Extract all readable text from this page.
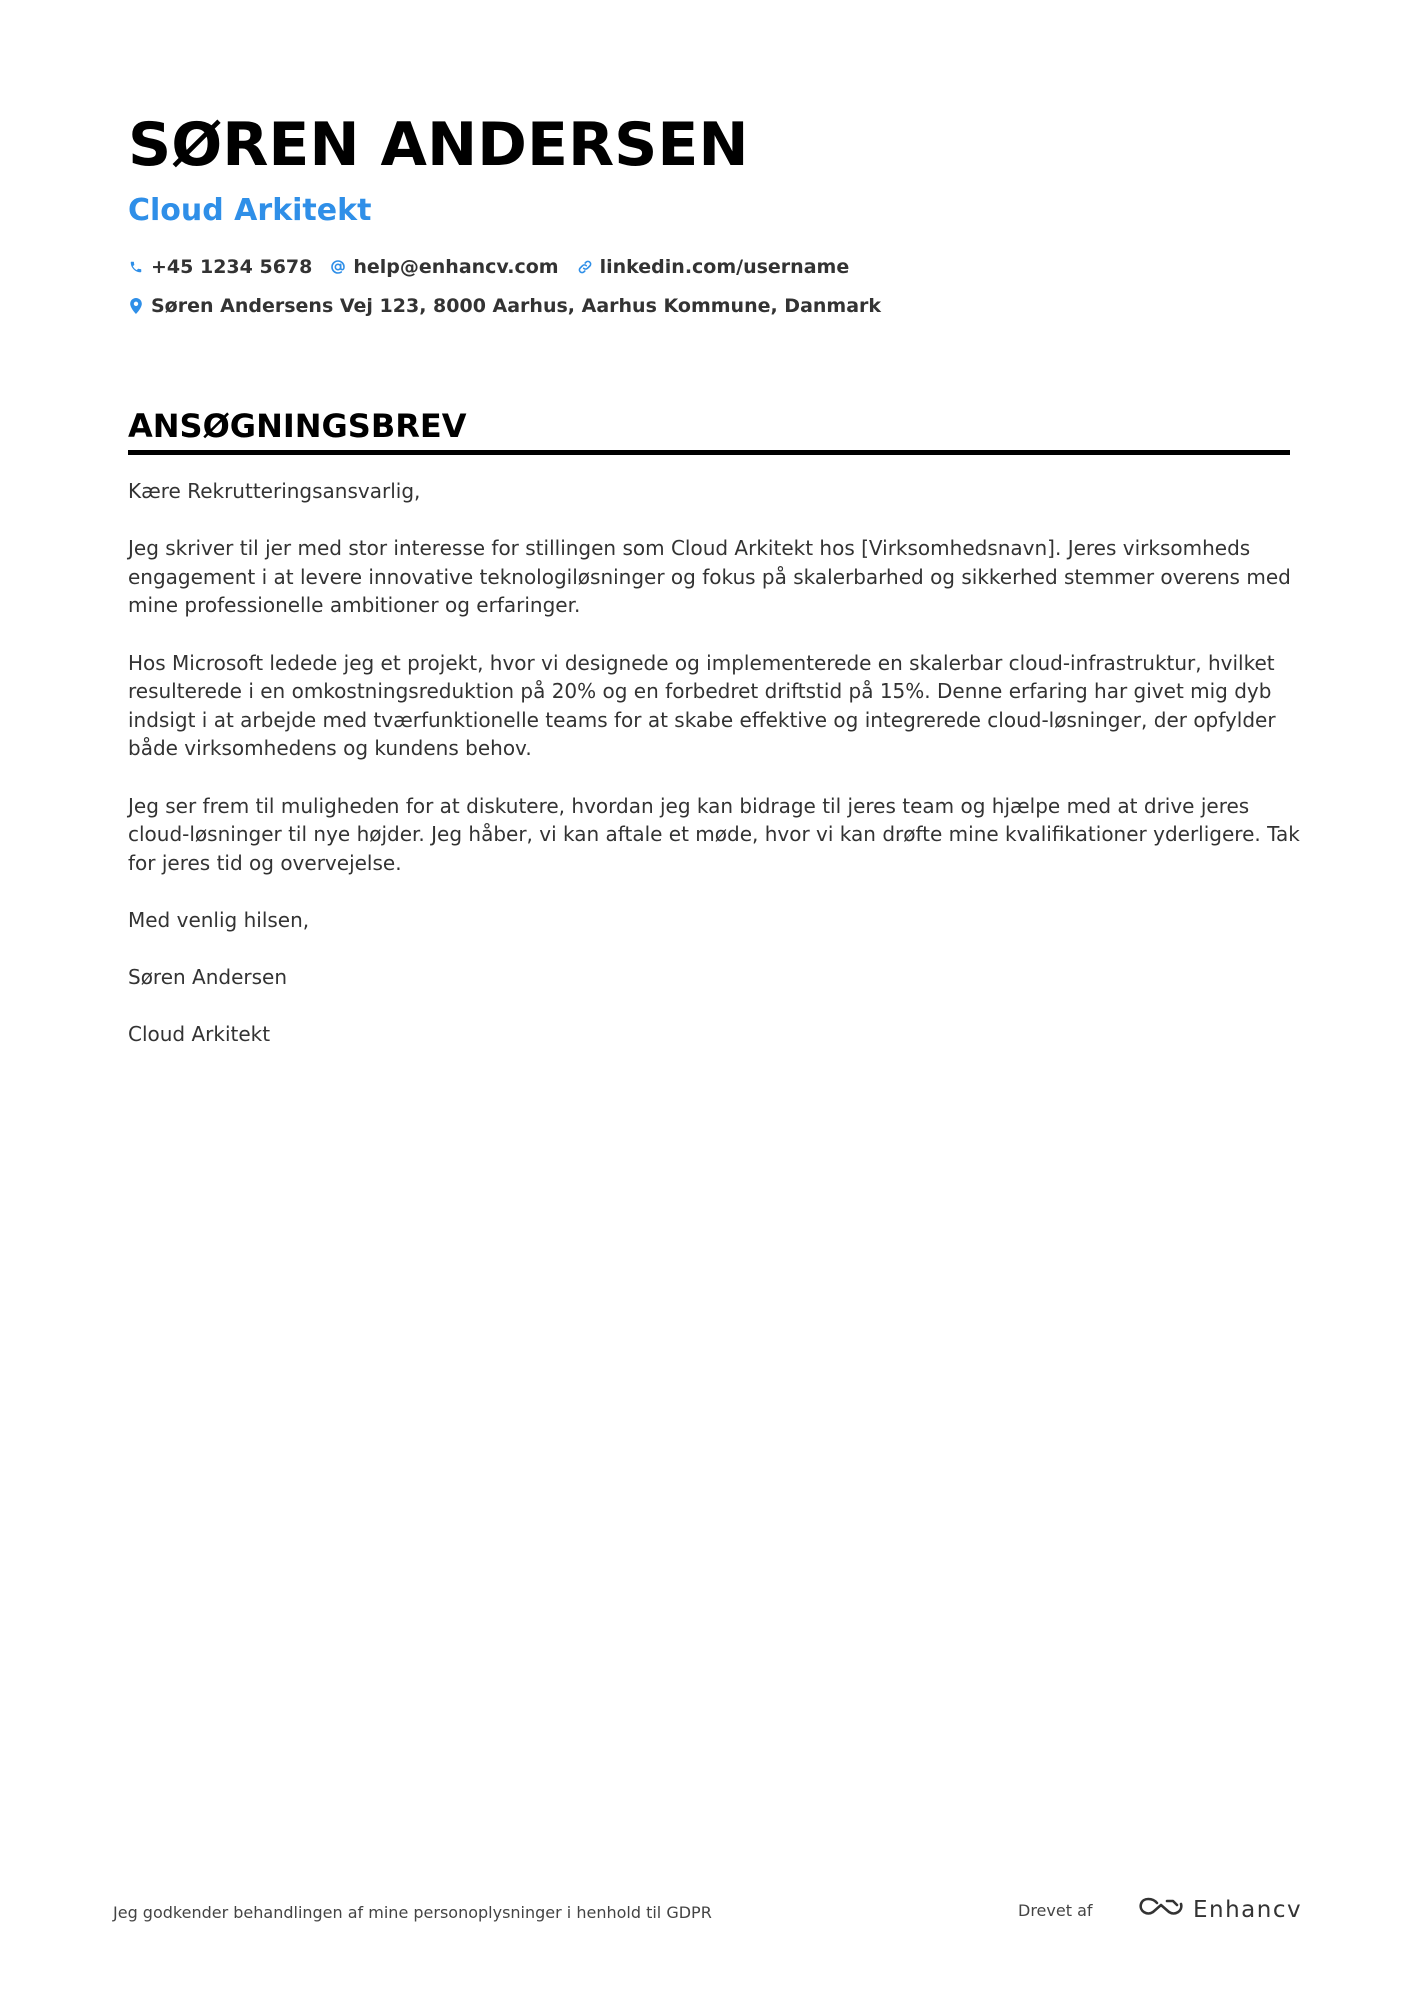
SØREN ANDERSEN
Cloud Arkitekt
+45 1234 5678 help@enhancv.com linkedin.com/username
Søren Andersens Vej 123, 8000 Aarhus, Aarhus Kommune, Danmark
ANSØGNINGSBREV

Kære Rekrutteringsansvarlig,

Jeg skriver til jer med stor interesse for stillingen som Cloud Arkitekt hos [Virksomhedsnavn]. Jeres virksomheds engagement i at levere innovative teknologiløsninger og fokus på skalerbarhed og sikkerhed stemmer overens med mine professionelle ambitioner og erfaringer.

Hos Microsoft ledede jeg et projekt, hvor vi designede og implementerede en skalerbar cloud-infrastruktur, hvilket resulterede i en omkostningsreduktion på 20% og en forbedret driftstid på 15%. Denne erfaring har givet mig dyb indsigt i at arbejde med tværfunktionelle teams for at skabe effektive og integrerede cloud-løsninger, der opfylder både virksomhedens og kundens behov.

Jeg ser frem til muligheden for at diskutere, hvordan jeg kan bidrage til jeres team og hjælpe med at drive jeres cloud-løsninger til nye højder. Jeg håber, vi kan aftale et møde, hvor vi kan drøfte mine kvalifikationer yderligere. Tak for jeres tid og overvejelse.

Med venlig hilsen,

Søren Andersen

Cloud Arkitekt

Jeg godkender behandlingen af mine personoplysninger i henhold til GDPR	Drevet af	Enhancv
